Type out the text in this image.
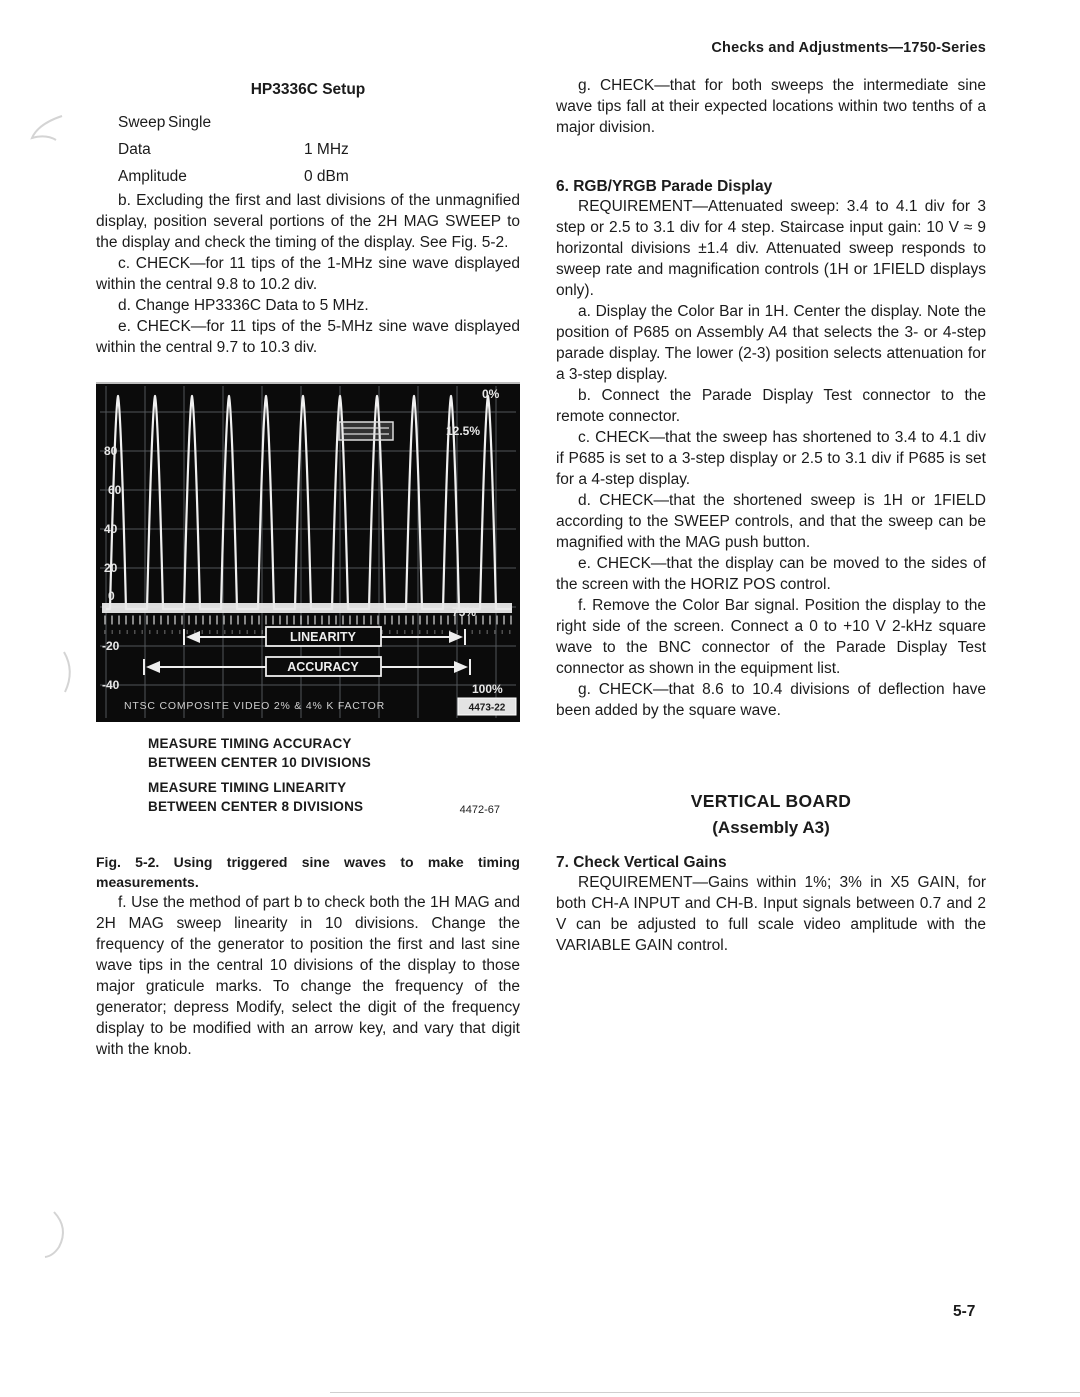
Checks and Adjustments—1750-Series
HP3336C Setup
Sweep Single
Data	1 MHz
Amplitude	0 dBm

b. Excluding the first and last divisions of the unmagnified display, position several portions of the 2H MAG SWEEP to the display and check the timing of the display. See Fig. 5-2.

c. CHECK—for 11 tips of the 1-MHz sine wave displayed within the central 9.8 to 10.2 div.

d. Change HP3336C Data to 5 MHz.

e. CHECK—for 11 tips of the 5-MHz sine wave displayed within the central 9.7 to 10.3 div.

80
60
40
20
0
-20
-40
0%
12.5%
75%
100%
LINEARITY
ACCURACY
NTSC COMPOSITE VIDEO 2% & 4% K FACTOR	4473-22
MEASURE TIMING ACCURACY
BETWEEN CENTER 10 DIVISIONS
MEASURE TIMING LINEARITY
BETWEEN CENTER 8 DIVISIONS	4472-67
Fig. 5-2. Using triggered sine waves to make timing measurements.

f. Use the method of part b to check both the 1H MAG and 2H MAG sweep linearity in 10 divisions. Change the frequency of the generator to position the first and last sine wave tips in the central 10 divisions of the display to those major graticule marks. To change the frequency of the generator; depress Modify, select the digit of the frequency display to be modified with an arrow key, and vary that digit with the knob.

g. CHECK—that for both sweeps the intermediate sine wave tips fall at their expected locations within two tenths of a major division.

6. RGB/YRGB Parade Display

REQUIREMENT—Attenuated sweep: 3.4 to 4.1 div for 3 step or 2.5 to 3.1 div for 4 step. Staircase input gain: 10 V ≈ 9 horizontal divisions ±1.4 div. Attenuated sweep responds to sweep rate and magnification controls (1H or 1FIELD displays only).

a. Display the Color Bar in 1H. Center the display. Note the position of P685 on Assembly A4 that selects the 3- or 4-step parade display. The lower (2-3) position selects attenuation for a 3-step display.

b. Connect the Parade Display Test connector to the remote connector.

c. CHECK—that the sweep has shortened to 3.4 to 4.1 div if P685 is set to a 3-step display or 2.5 to 3.1 div if P685 is set for a 4-step display.

d. CHECK—that the shortened sweep is 1H or 1FIELD according to the SWEEP controls, and that the sweep can be magnified with the MAG push button.

e. CHECK—that the display can be moved to the sides of the screen with the HORIZ POS control.

f. Remove the Color Bar signal. Position the display to the right side of the screen. Connect a 0 to +10 V 2-kHz square wave to the BNC connector of the Parade Display Test connector as shown in the equipment list.

g. CHECK—that 8.6 to 10.4 divisions of deflection have been added by the square wave.

VERTICAL BOARD
(Assembly A3)
7. Check Vertical Gains

REQUIREMENT—Gains within 1%; 3% in X5 GAIN, for both CH-A INPUT and CH-B. Input signals between 0.7 and 2 V can be adjusted to full scale video amplitude with the VARIABLE GAIN control.

5-7
